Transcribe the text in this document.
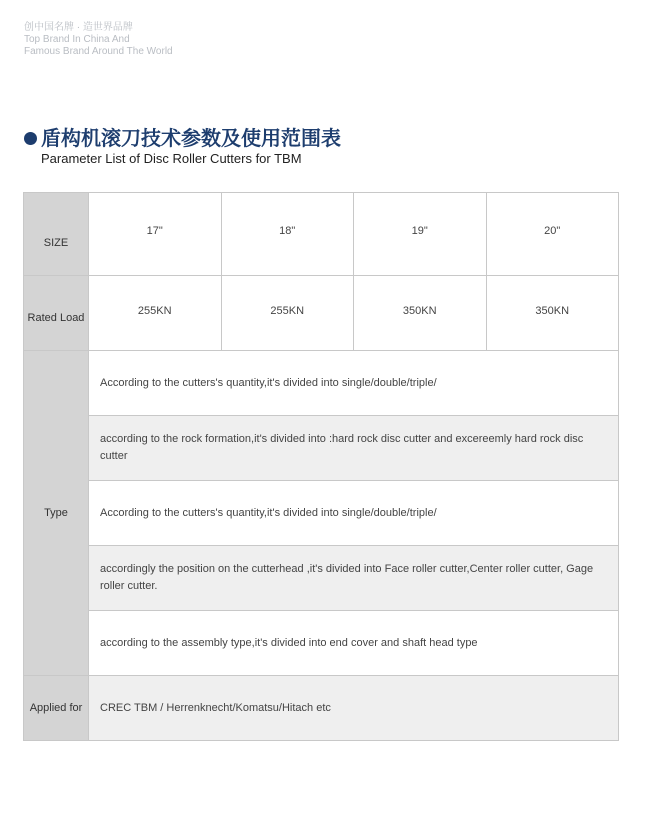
创中国名牌 · 造世界品牌
Top Brand In China And
Famous Brand Around The World
盾构机滚刀技术参数及使用范围表
Parameter List of Disc Roller Cutters for TBM
SIZE	17"	18"	19"	20"
Rated Load	255KN	255KN	350KN	350KN
Type	According to the cutters's quantity,it's divided into single/double/triple/			
	according to the rock formation,it's divided into :hard rock disc cutter and excereemly hard rock disc cutter			
	According to the cutters's quantity,it's divided into single/double/triple/			
	accordingly the position on the cutterhead ,it's divided into Face roller cutter,Center roller cutter, Gage roller cutter.			
	according to the assembly type,it's divided into end cover and shaft head type			
Applied for	CREC TBM / Herrenknecht/Komatsu/Hitach etc			
